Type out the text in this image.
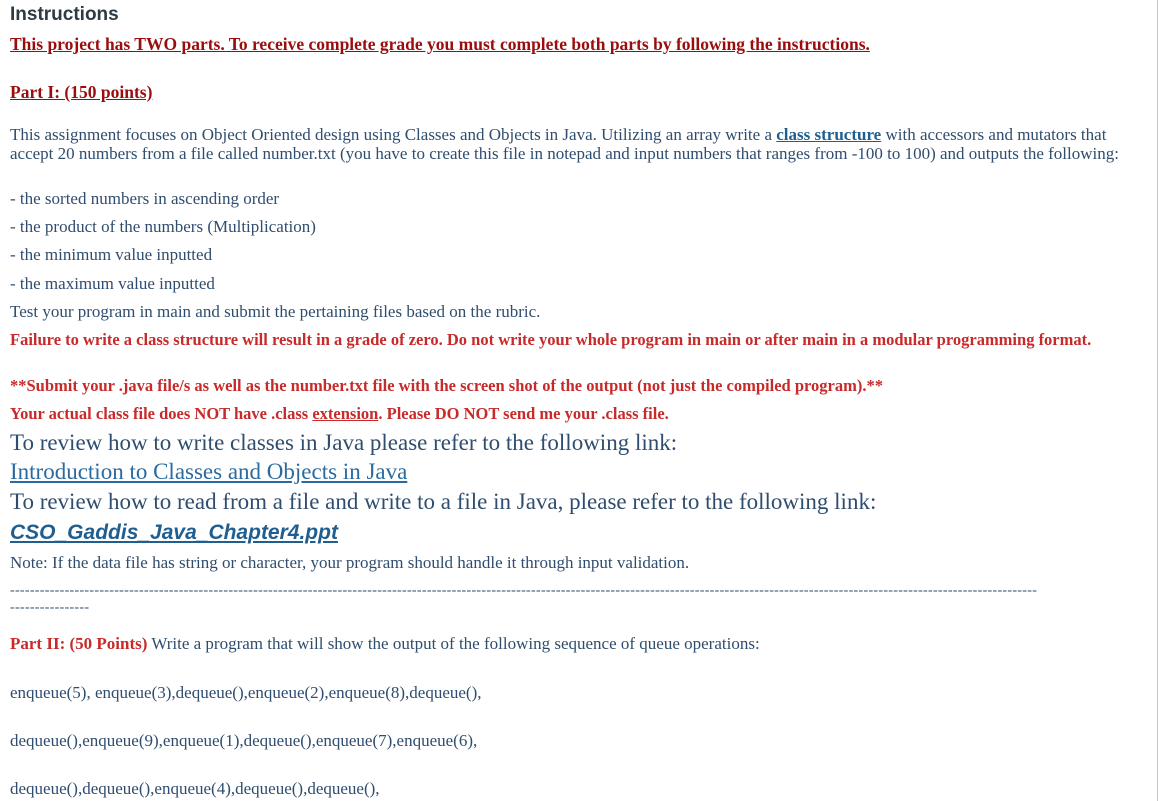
Instructions
This project has TWO parts. To receive complete grade you must complete both parts by following the instructions.
Part I: (150 points)
This assignment focuses on Object Oriented design using Classes and Objects in Java. Utilizing an array write a class structure with accessors and mutators that accept 20 numbers from a file called number.txt (you have to create this file in notepad and input numbers that ranges from -100 to 100) and outputs the following:
- the sorted numbers in ascending order
- the product of the numbers (Multiplication)
- the minimum value inputted
- the maximum value inputted
Test your program in main and submit the pertaining files based on the rubric.
Failure to write a class structure will result in a grade of zero. Do not write your whole program in main or after main in a modular programming format.
**Submit your .java file/s as well as the number.txt file with the screen shot of the output (not just the compiled program).**
Your actual class file does NOT have .class extension. Please DO NOT send me your .class file.
To review how to write classes in Java please refer to the following link:
Introduction to Classes and Objects in Java
To review how to read from a file and write to a file in Java, please refer to the following link:
CSO_Gaddis_Java_Chapter4.ppt
Note: If the data file has string or character, your program should handle it through input validation.
---------------------------------------------------------------------------------------------------------------------------------------------------------------------------------------------------------------
----------------
Part II: (50 Points) Write a program that will show the output of the following sequence of queue operations:
enqueue(5), enqueue(3),dequeue(),enqueue(2),enqueue(8),dequeue(),
dequeue(),enqueue(9),enqueue(1),dequeue(),enqueue(7),enqueue(6),
dequeue(),dequeue(),enqueue(4),dequeue(),dequeue(),
